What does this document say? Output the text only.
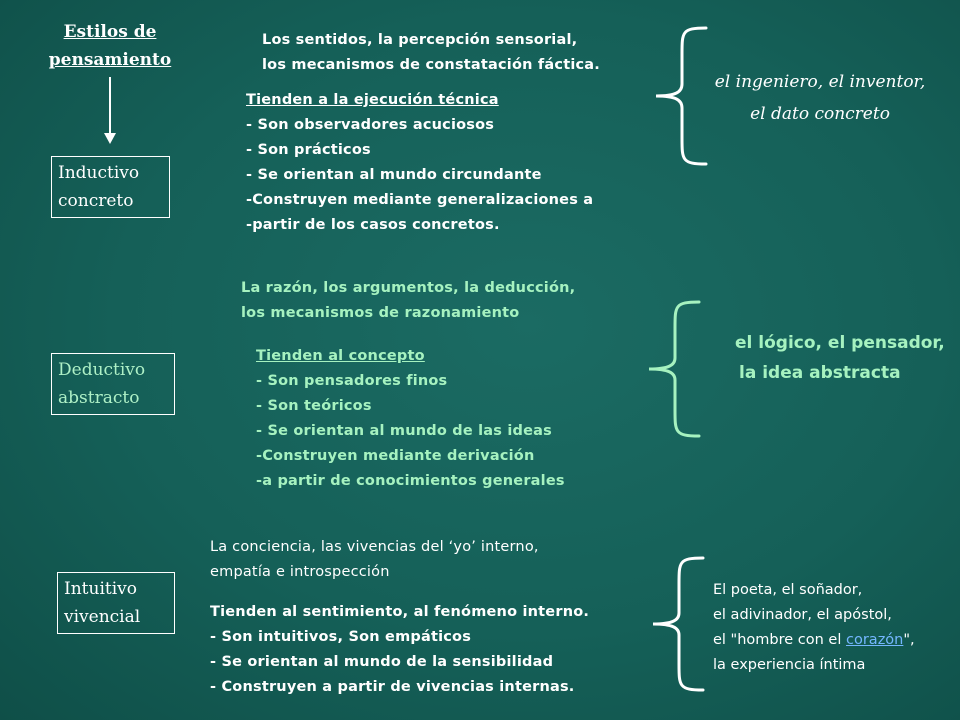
Estilos de
pensamiento
Inductivo
concreto
Deductivo
abstracto
Intuitivo
vivencial
Los sentidos, la percepción sensorial,
los mecanismos de constatación fáctica.
Tienden a la ejecución técnica
- Son observadores acuciosos
- Son prácticos
- Se orientan al mundo circundante
-Construyen mediante generalizaciones a
-partir de los casos concretos.
La razón, los argumentos, la deducción,
los mecanismos de razonamiento
Tienden al concepto
- Son pensadores finos
- Son teóricos
- Se orientan al mundo de las ideas
-Construyen mediante derivación
-a partir de conocimientos generales
La conciencia, las vivencias del ‘yo’ interno,
empatía e introspección
Tienden al sentimiento, al fenómeno interno.
- Son intuitivos, Son empáticos
- Se orientan al mundo de la sensibilidad
- Construyen a partir de vivencias internas.
el ingeniero, el inventor,
el dato concreto
el lógico, el pensador,
la idea abstracta
El poeta, el soñador,
el adivinador, el apóstol,
el "hombre con el corazón",
la experiencia íntima
